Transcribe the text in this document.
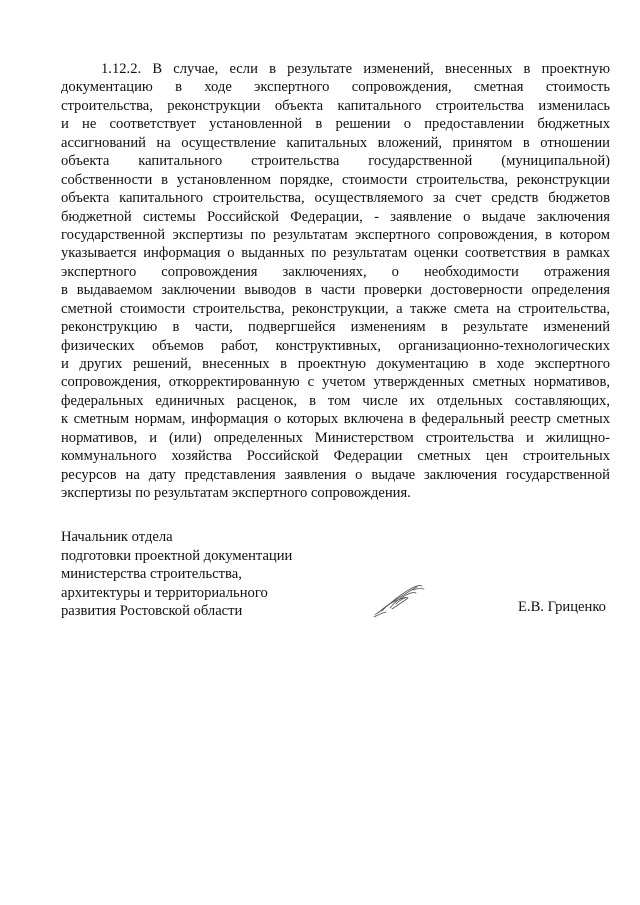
1.12.2. В случае, если в результате изменений, внесенных в проектную
документацию в ходе экспертного сопровождения, сметная стоимость
строительства, реконструкции объекта капитального строительства изменилась
и не соответствует установленной в решении о предоставлении бюджетных
ассигнований на осуществление капитальных вложений, принятом в отношении
объекта капитального строительства государственной (муниципальной)
собственности в установленном порядке, стоимости строительства, реконструкции
объекта капитального строительства, осуществляемого за счет средств бюджетов
бюджетной системы Российской Федерации, - заявление о выдаче заключения
государственной экспертизы по результатам экспертного сопровождения, в котором
указывается информация о выданных по результатам оценки соответствия в рамках
экспертного сопровождения заключениях, о необходимости отражения
в выдаваемом заключении выводов в части проверки достоверности определения
сметной стоимости строительства, реконструкции, а также смета на строительства,
реконструкцию в части, подвергшейся изменениям в результате изменений
физических объемов работ, конструктивных, организационно-технологических
и других решений, внесенных в проектную документацию в ходе экспертного
сопровождения, откорректированную с учетом утвержденных сметных нормативов,
федеральных единичных расценок, в том числе их отдельных составляющих,
к сметным нормам, информация о которых включена в федеральный реестр сметных
нормативов, и (или) определенных Министерством строительства и жилищно-
коммунального хозяйства Российской Федерации сметных цен строительных
ресурсов на дату представления заявления о выдаче заключения государственной
экспертизы по результатам экспертного сопровождения.
Начальник отдела
подготовки проектной документации
министерства строительства,
архитектуры и территориального
развития Ростовской области	Е.В. Гриценко
